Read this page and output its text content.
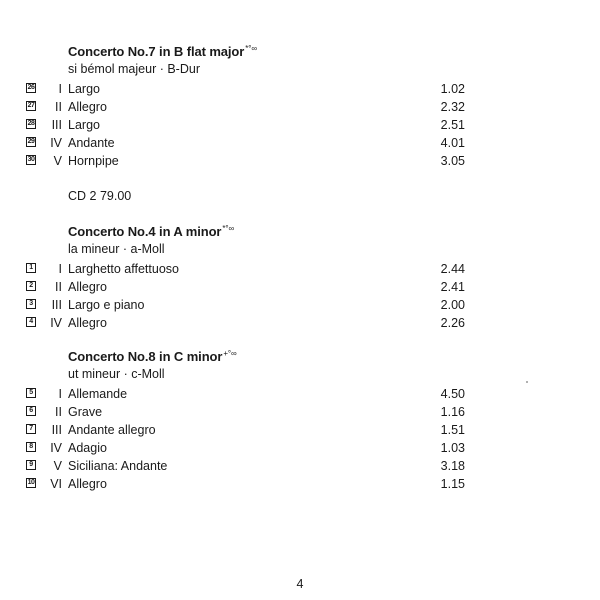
Concerto No.7 in B flat major*°∞
si bémol majeur · B-Dur
26 I Largo	1.02
27 II Allegro	2.32
28 III Largo	2.51
29 IV Andante	4.01
30 V Hornpipe	3.05
CD 2 79.00
Concerto No.4 in A minor*°∞
la mineur · a-Moll
1 I Larghetto affettuoso	2.44
2 II Allegro	2.41
3 III Largo e piano	2.00
4 IV Allegro	2.26
Concerto No.8 in C minor+°∞
ut mineur · c-Moll
5 I Allemande	4.50
6 II Grave	1.16
7 III Andante allegro	1.51
8 IV Adagio	1.03
9 V Siciliana: Andante	3.18
10 VI Allegro	1.15
4
